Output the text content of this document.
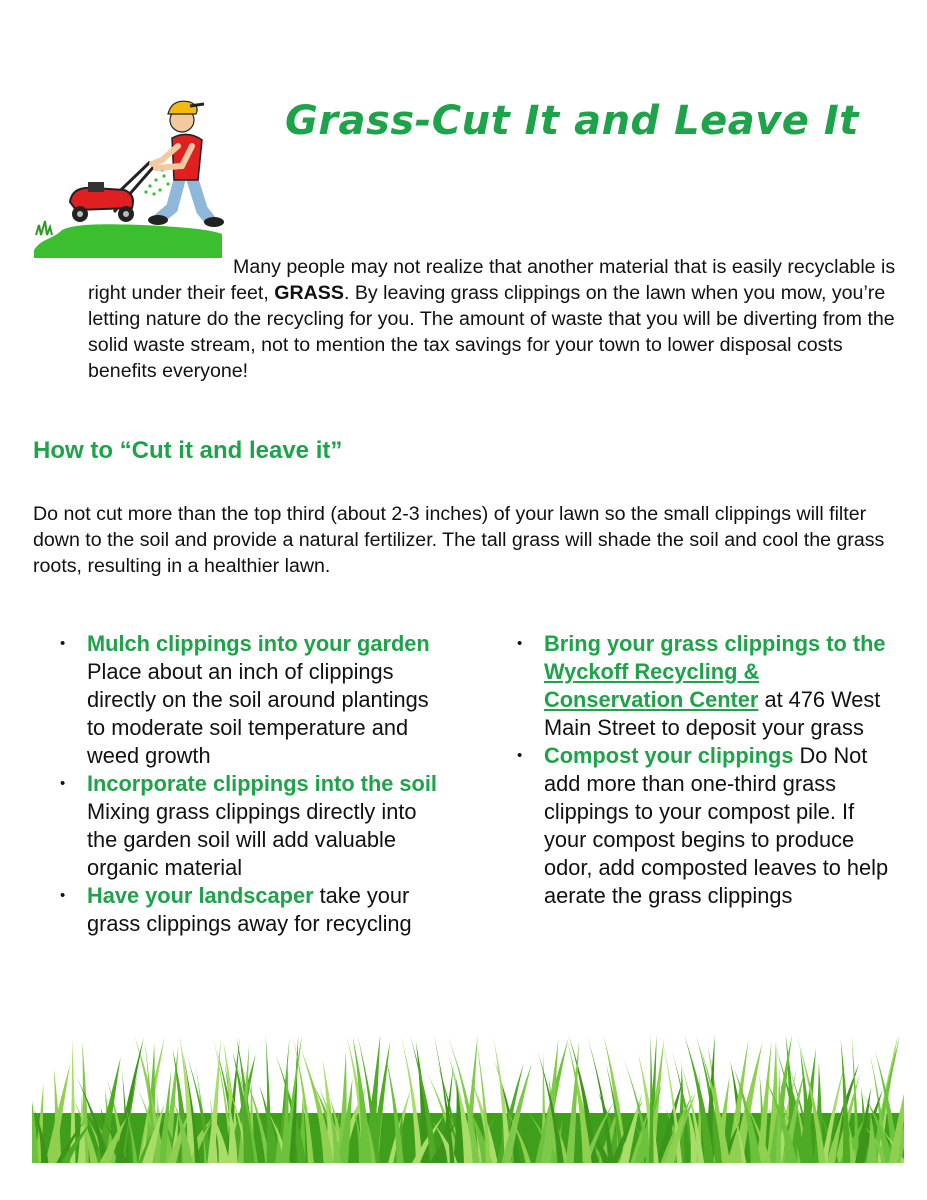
Grass-Cut It and Leave It

Many people may not realize that another material that is easily recyclable is right under their feet, GRASS. By leaving grass clippings on the lawn when you mow, you’re letting nature do the recycling for you. The amount of waste that you will be diverting from the solid waste stream, not to mention the tax savings for your town to lower disposal costs benefits everyone!

How to “Cut it and leave it”

Do not cut more than the top third (about 2-3 inches) of your lawn so the small clippings will filter down to the soil and provide a natural fertilizer. The tall grass will shade the soil and cool the grass roots, resulting in a healthier lawn.

• Mulch clippings into your garden Place about an inch of clippings directly on the soil around plantings to moderate soil temperature and weed growth
• Incorporate clippings into the soil Mixing grass clippings directly into the garden soil will add valuable organic material
• Have your landscaper take your grass clippings away for recycling
• Bring your grass clippings to the Wyckoff Recycling & Conservation Center at 476 West Main Street to deposit your grass
• Compost your clippings Do Not add more than one-third grass clippings to your compost pile. If your compost begins to produce odor, add composted leaves to help aerate the grass clippings
